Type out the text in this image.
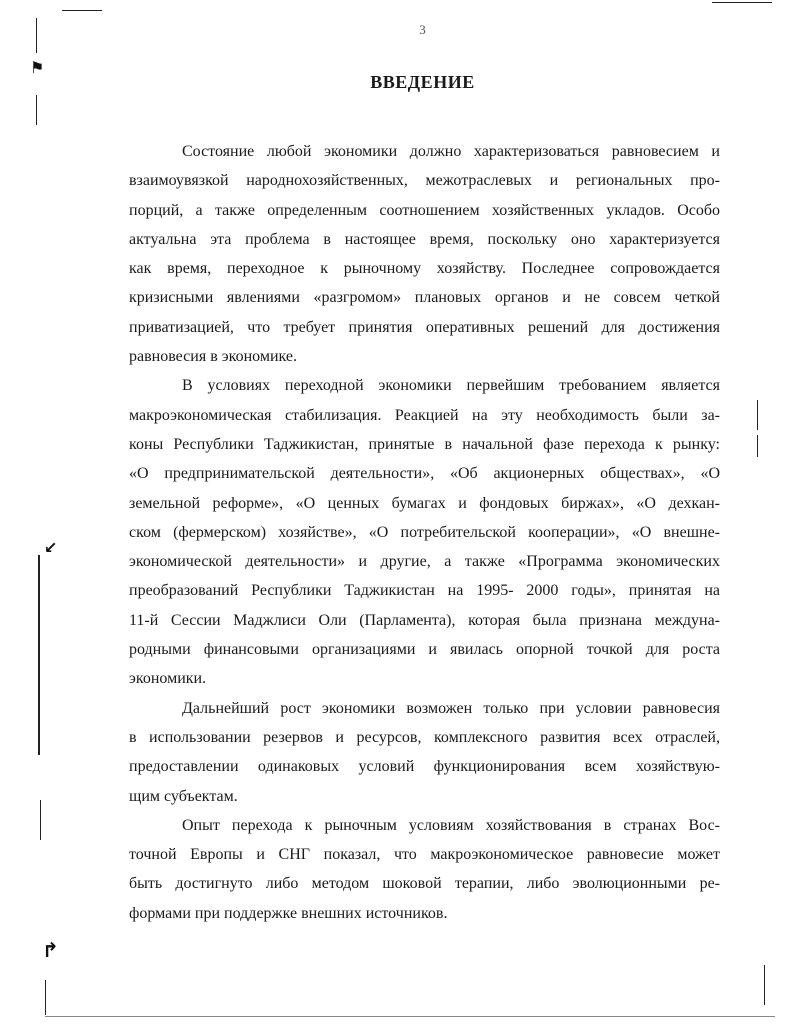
⚑
↙
↱
3
ВВЕДЕНИЕ
Состояние любой экономики должно характеризоваться равновесием и
взаимоувязкой народнохозяйственных, межотраслевых и региональных про-
порций, а также определенным соотношением хозяйственных укладов. Особо
актуальна эта проблема в настоящее время, поскольку оно характеризуется
как время, переходное к рыночному хозяйству. Последнее сопровождается
кризисными явлениями «разгромом» плановых органов и не совсем четкой
приватизацией, что требует принятия оперативных решений для достижения
равновесия в экономике.
В условиях переходной экономики первейшим требованием является
макроэкономическая стабилизация. Реакцией на эту необходимость были за-
коны Республики Таджикистан, принятые в начальной фазе перехода к рынку:
«О предпринимательской деятельности», «Об акционерных обществах», «О
земельной реформе», «О ценных бумагах и фондовых биржах», «О дехкан-
ском (фермерском) хозяйстве», «О потребительской кооперации», «О внешне-
экономической деятельности» и другие, а также «Программа экономических
преобразований Республики Таджикистан на 1995- 2000 годы», принятая на
11-й Сессии Маджлиси Оли (Парламента), которая была признана междуна-
родными финансовыми организациями и явилась опорной точкой для роста
экономики.
Дальнейший рост экономики возможен только при условии равновесия
в использовании резервов и ресурсов, комплексного развития всех отраслей,
предоставлении одинаковых условий функционирования всем хозяйствую-
щим субъектам.
Опыт перехода к рыночным условиям хозяйствования в странах Вос-
точной Европы и СНГ показал, что макроэкономическое равновесие может
быть достигнуто либо методом шоковой терапии, либо эволюционными ре-
формами при поддержке внешних источников.
